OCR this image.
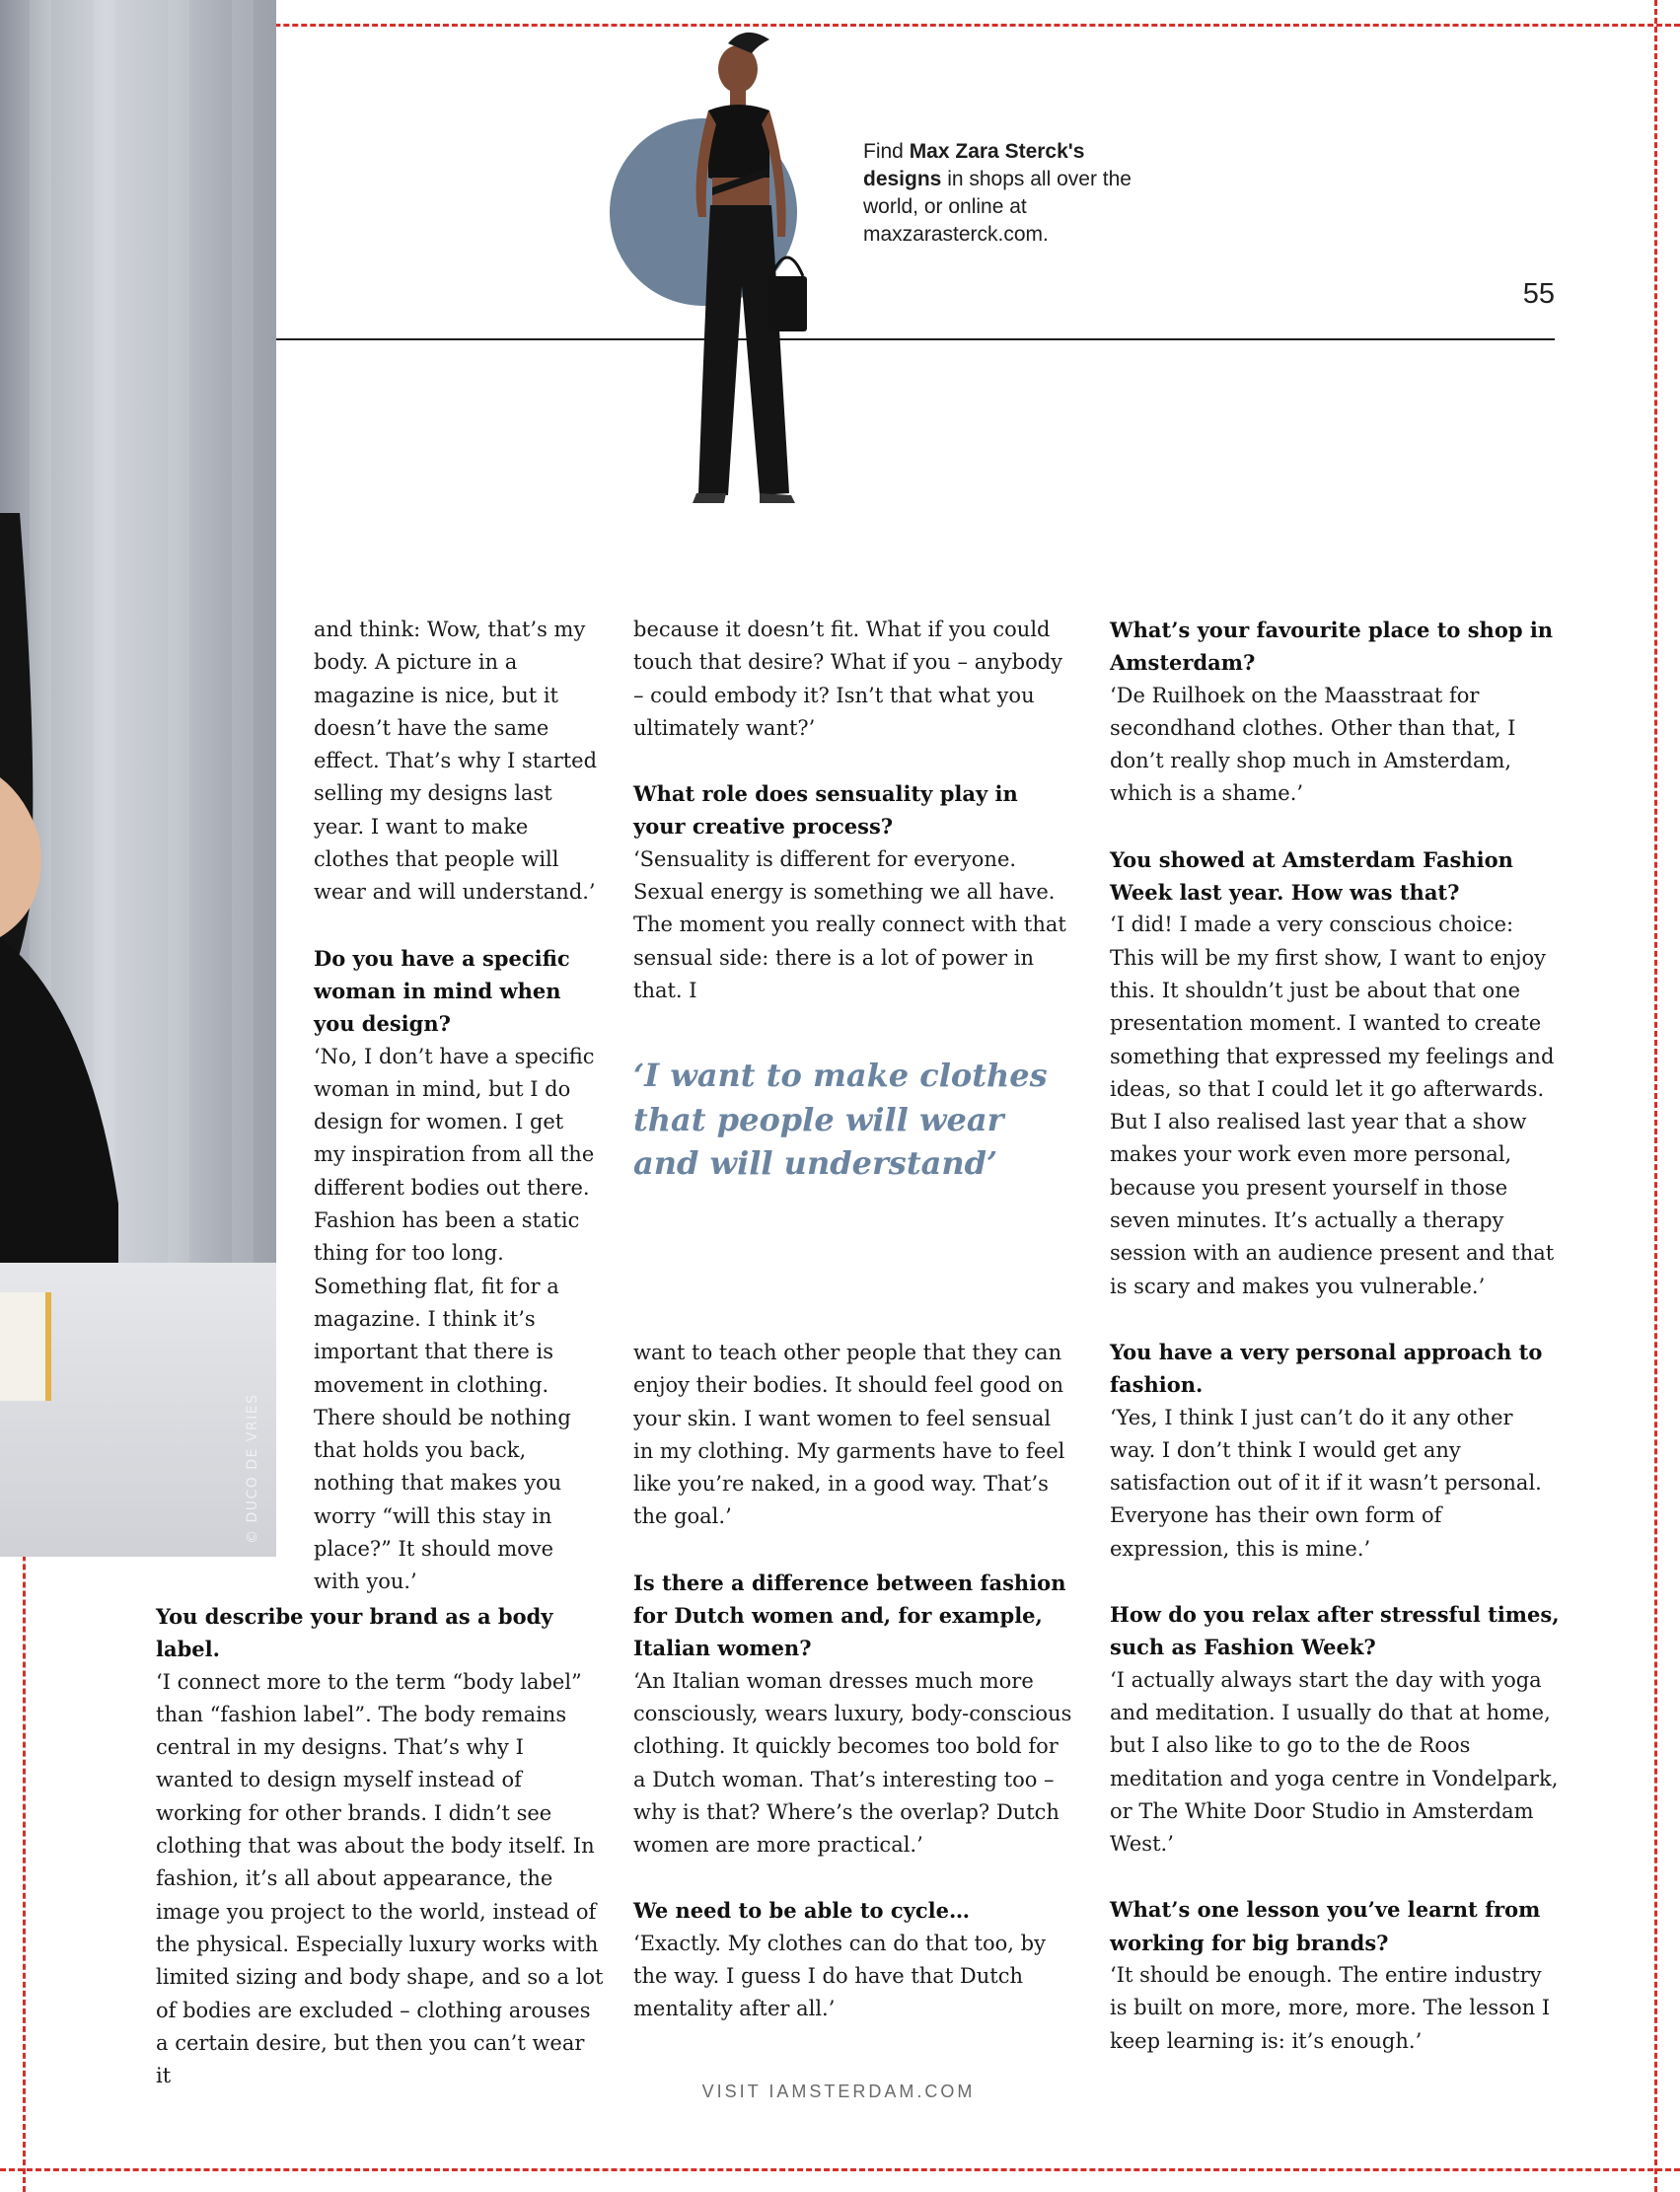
© DUCO DE VRIES
55
Find Max Zara Sterck's designs in shops all over the world, or online at maxzarasterck.com.

and think: Wow, that’s my body. A picture in a magazine is nice, but it doesn’t have the same effect. That’s why I started selling my designs last year. I want to make clothes that people will wear and will understand.’

Do you have a specific woman in mind when you design?

‘No, I don’t have a specific woman in mind, but I do design for women. I get my inspiration from all the different bodies out there. Fashion has been a static thing for too long. Something flat, fit for a magazine. I think it’s important that there is movement in clothing. There should be nothing that holds you back, nothing that makes you worry “will this stay in place?” It should move with you.’

You describe your brand as a body label.

‘I connect more to the term “body label” than “fashion label”. The body remains central in my designs. That’s why I wanted to design myself instead of working for other brands. I didn’t see clothing that was about the body itself. In fashion, it’s all about appearance, the image you project to the world, instead of the physical. Especially luxury works with limited sizing and body shape, and so a lot of bodies are excluded – clothing arouses a certain desire, but then you can’t wear it

because it doesn’t fit. What if you could touch that desire? What if you – anybody – could embody it? Isn’t that what you ultimately want?’

What role does sensuality play in your creative process?

‘Sensuality is different for everyone. Sexual energy is something we all have. The moment you really connect with that sensual side: there is a lot of power in that. I

‘I want to make clothes that people will wear and will understand’

want to teach other people that they can enjoy their bodies. It should feel good on your skin. I want women to feel sensual in my clothing. My garments have to feel like you’re naked, in a good way. That’s the goal.’

Is there a difference between fashion for Dutch women and, for example, Italian women?

‘An Italian woman dresses much more consciously, wears luxury, body-conscious clothing. It quickly becomes too bold for a Dutch woman. That’s interesting too – why is that? Where’s the overlap? Dutch women are more practical.’

We need to be able to cycle…

‘Exactly. My clothes can do that too, by the way. I guess I do have that Dutch mentality after all.’

What’s your favourite place to shop in Amsterdam?

‘De Ruilhoek on the Maasstraat for secondhand clothes. Other than that, I don’t really shop much in Amsterdam, which is a shame.’

You showed at Amsterdam Fashion Week last year. How was that?

‘I did! I made a very conscious choice: This will be my first show, I want to enjoy this. It shouldn’t just be about that one presentation moment. I wanted to create something that expressed my feelings and ideas, so that I could let it go afterwards. But I also realised last year that a show makes your work even more personal, because you present yourself in those seven minutes. It’s actually a therapy session with an audience present and that is scary and makes you vulnerable.’

You have a very personal approach to fashion.

‘Yes, I think I just can’t do it any other way. I don’t think I would get any satisfaction out of it if it wasn’t personal. Everyone has their own form of expression, this is mine.’

How do you relax after stressful times, such as Fashion Week?

‘I actually always start the day with yoga and meditation. I usually do that at home, but I also like to go to the de Roos meditation and yoga centre in Vondelpark, or The White Door Studio in Amsterdam West.’

What’s one lesson you’ve learnt from working for big brands?

‘It should be enough. The entire industry is built on more, more, more. The lesson I keep learning is: it’s enough.’

VISIT IAMSTERDAM.COM
